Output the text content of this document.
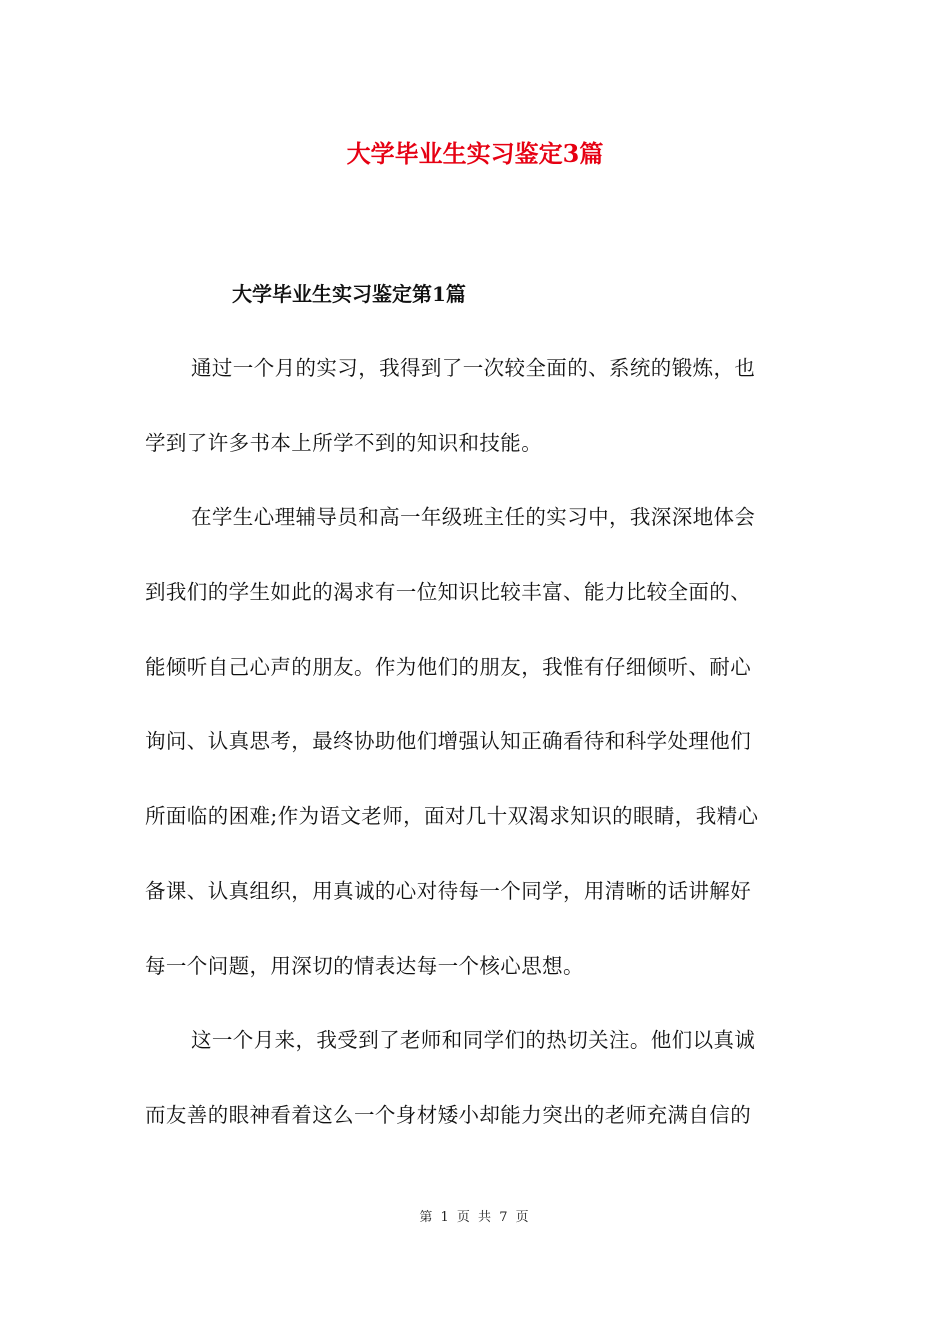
大学毕业生实习鉴定3篇
大学毕业生实习鉴定第1篇

通过一个月的实习，我得到了一次较全面的、系统的锻炼，也
学到了许多书本上所学不到的知识和技能。

在学生心理辅导员和高一年级班主任的实习中，我深深地体会
到我们的学生如此的渴求有一位知识比较丰富、能力比较全面的、
能倾听自己心声的朋友。作为他们的朋友，我惟有仔细倾听、耐心
询问、认真思考，最终协助他们增强认知正确看待和科学处理他们
所面临的困难;作为语文老师，面对几十双渴求知识的眼睛，我精心
备课、认真组织，用真诚的心对待每一个同学，用清晰的话讲解好
每一个问题，用深切的情表达每一个核心思想。

这一个月来，我受到了老师和同学们的热切关注。他们以真诚
而友善的眼神看着这么一个身材矮小却能力突出的老师充满自信的

第 1 页 共 7 页
